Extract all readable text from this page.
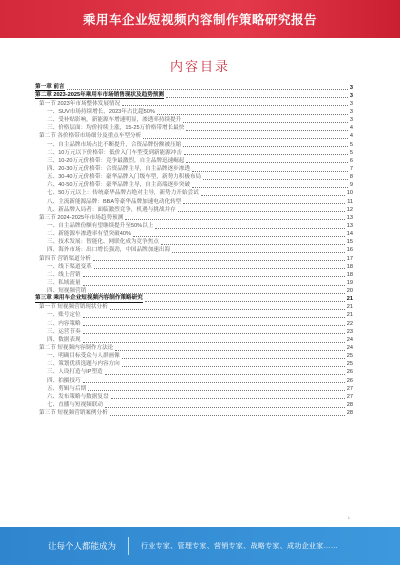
乘用车企业短视频内容制作策略研究报告
内容目录
第一章 前言	3
第二章 2023-2025年乘用车市场销售现状及趋势预测	3
第一节 2023年市场整体发展情况	3
一、SUV市场持续增长，2023年占比超50%	3
二、受补贴影响，新能源车增速明显，渗透率持续提升	3
三、价格层面：均价持续上涨，15-25万价格带增长最快	4
第二节 各价格带市场细分及重点车型分析	4
一、自主品牌市场占比不断提升，合资品牌份额被压缩	5
二、10万元以下价格带：低价入门车型受到新能源冲击	5
三、10-20万元价格带：竞争最激烈，自主品牌迅速崛起	6
四、20-30万元价格带：合资品牌主导，自主品牌逐步渗透	7
五、30-40万元价格带：豪华品牌入门级车型，新势力积极布局	8
六、40-50万元价格带：豪华品牌主导，自主高端逐步突破	9
七、50万元以上：传统豪华品牌占绝对主导，新势力开始尝试	10
八、主流新能源品牌：BBA等豪华品牌加速电动化转型	11
九、新品牌入局者：面临激烈竞争，机遇与挑战并存	12
第三节 2024-2025年市场趋势预测	13
一、自主品牌份额有望继续提升至50%以上	13
二、新能源车渗透率有望突破40%	14
三、技术发展：智能化、网联化成为竞争焦点	15
四、海外市场：出口增长强劲，中国品牌加速出海	16
第四节 营销渠道分析	17
一、线下渠道变革	18
二、线上营销	18
三、私域流量	19
四、短视频营销	20
第三章 乘用车企业短视频内容制作策略研究	21
第一节 短视频营销现状分析	21
一、账号定位	21
二、内容策略	22
三、运营节奏	23
四、数据表现	24
第二节 短视频内容制作方法论	24
一、明确目标受众与人群画像	25
二、策划优质选题与内容方向	25
三、人设打造与IP塑造	26
四、拍摄技巧	26
五、剪辑与后期	27
六、发布策略与数据复盘	27
七、直播与短视频联动	28
第三节 短视频营销案例分析	28
1
让每个人都能成为	行业专家、管理专家、营销专家、战略专家、成功企业家……
